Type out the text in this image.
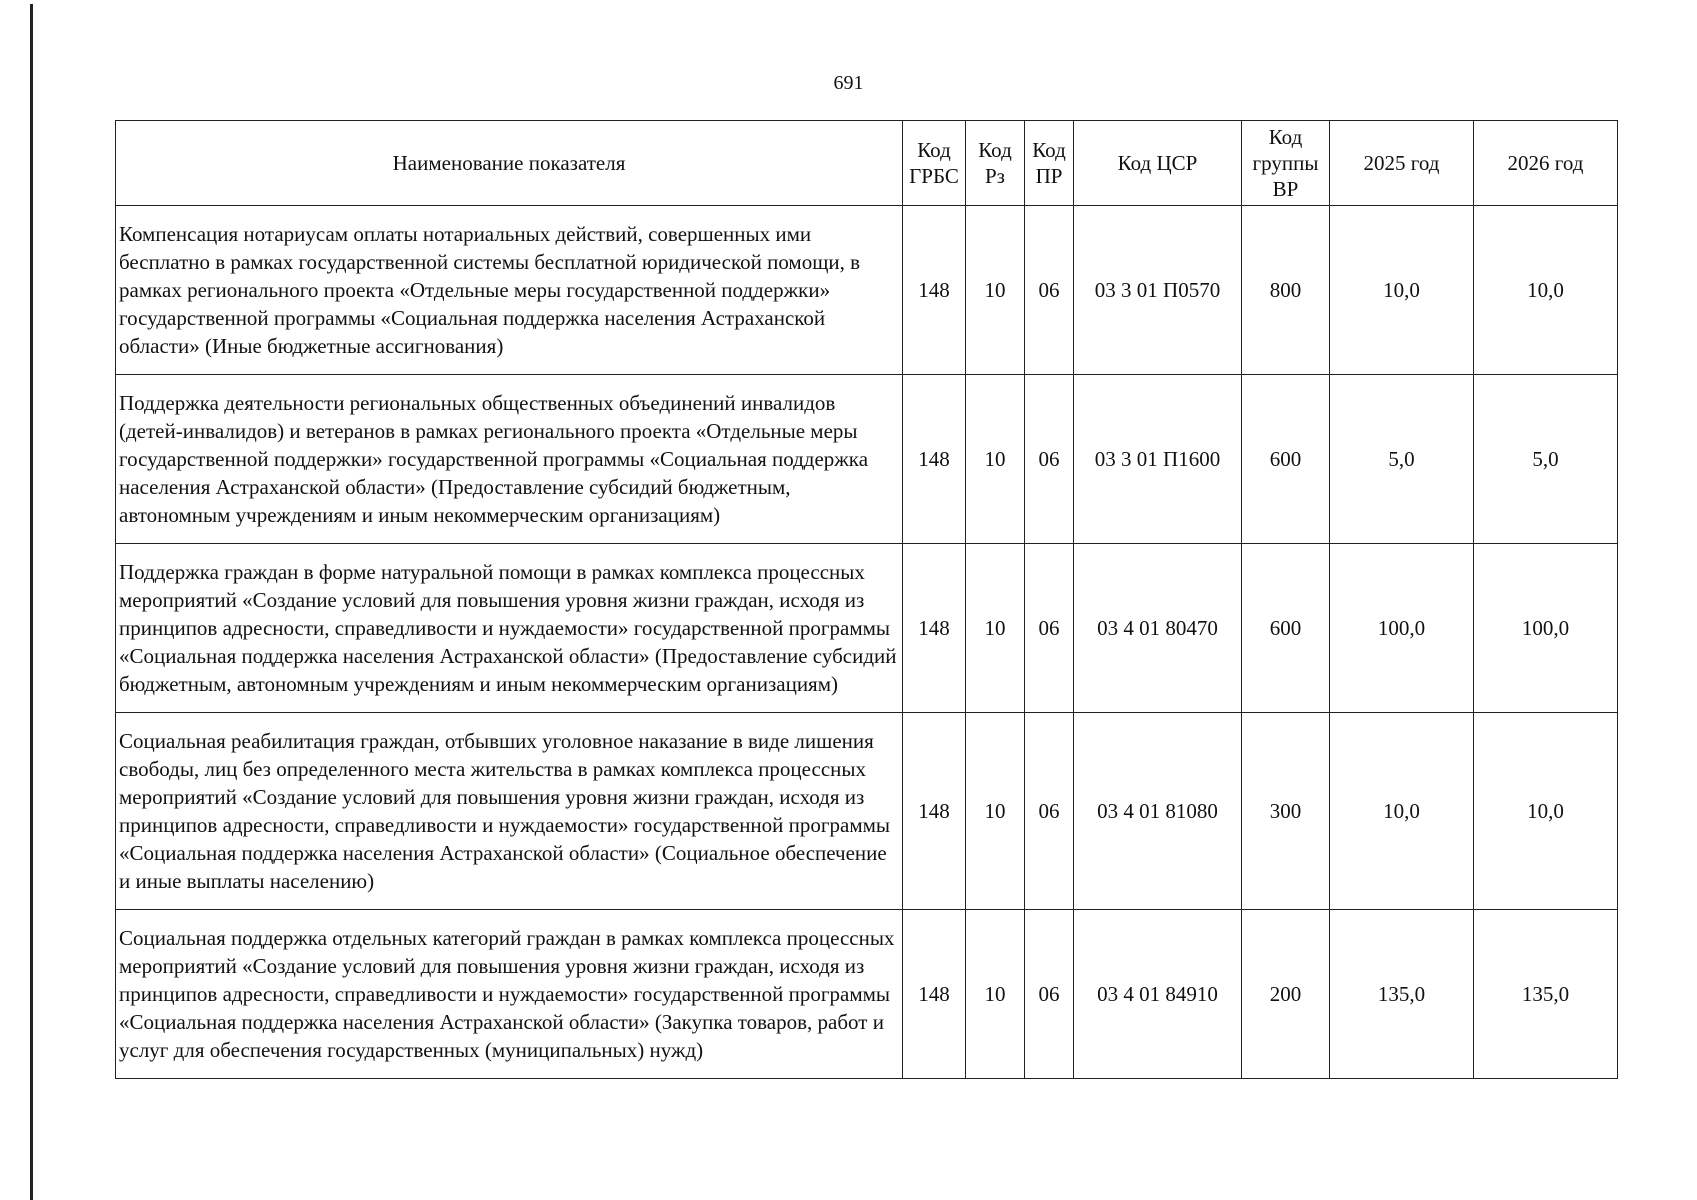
691
Наименование показателя	Код ГРБС	Код Рз	Код ПР	Код ЦСР	Код группы ВР	2025 год	2026 год
Компенсация нотариусам оплаты нотариальных действий, совершенных ими бесплатно в рамках государственной системы бесплатной юридической помощи, в рамках регионального проекта «Отдельные меры государственной поддержки» государственной программы «Социальная поддержка населения Астраханской области» (Иные бюджетные ассигнования)	148	10	06	03 3 01 П0570	800	10,0	10,0
Поддержка деятельности региональных общественных объединений инвалидов (детей-инвалидов) и ветеранов в рамках регионального проекта «Отдельные меры государственной поддержки» государственной программы «Социальная поддержка населения Астраханской области» (Предоставление субсидий бюджетным, автономным учреждениям и иным некоммерческим организациям)	148	10	06	03 3 01 П1600	600	5,0	5,0
Поддержка граждан в форме натуральной помощи в рамках комплекса процессных мероприятий «Создание условий для повышения уровня жизни граждан, исходя из принципов адресности, справедливости и нуждаемости» государственной программы «Социальная поддержка населения Астраханской области» (Предоставление субсидий бюджетным, автономным учреждениям и иным некоммерческим организациям)	148	10	06	03 4 01 80470	600	100,0	100,0
Социальная реабилитация граждан, отбывших уголовное наказание в виде лишения свободы, лиц без определенного места жительства в рамках комплекса процессных мероприятий «Создание условий для повышения уровня жизни граждан, исходя из принципов адресности, справедливости и нуждаемости» государственной программы «Социальная поддержка населения Астраханской области» (Социальное обеспечение и иные выплаты населению)	148	10	06	03 4 01 81080	300	10,0	10,0
Социальная поддержка отдельных категорий граждан в рамках комплекса процессных мероприятий «Создание условий для повышения уровня жизни граждан, исходя из принципов адресности, справедливости и нуждаемости» государственной программы «Социальная поддержка населения Астраханской области» (Закупка товаров, работ и услуг для обеспечения государственных (муниципальных) нужд)	148	10	06	03 4 01 84910	200	135,0	135,0
